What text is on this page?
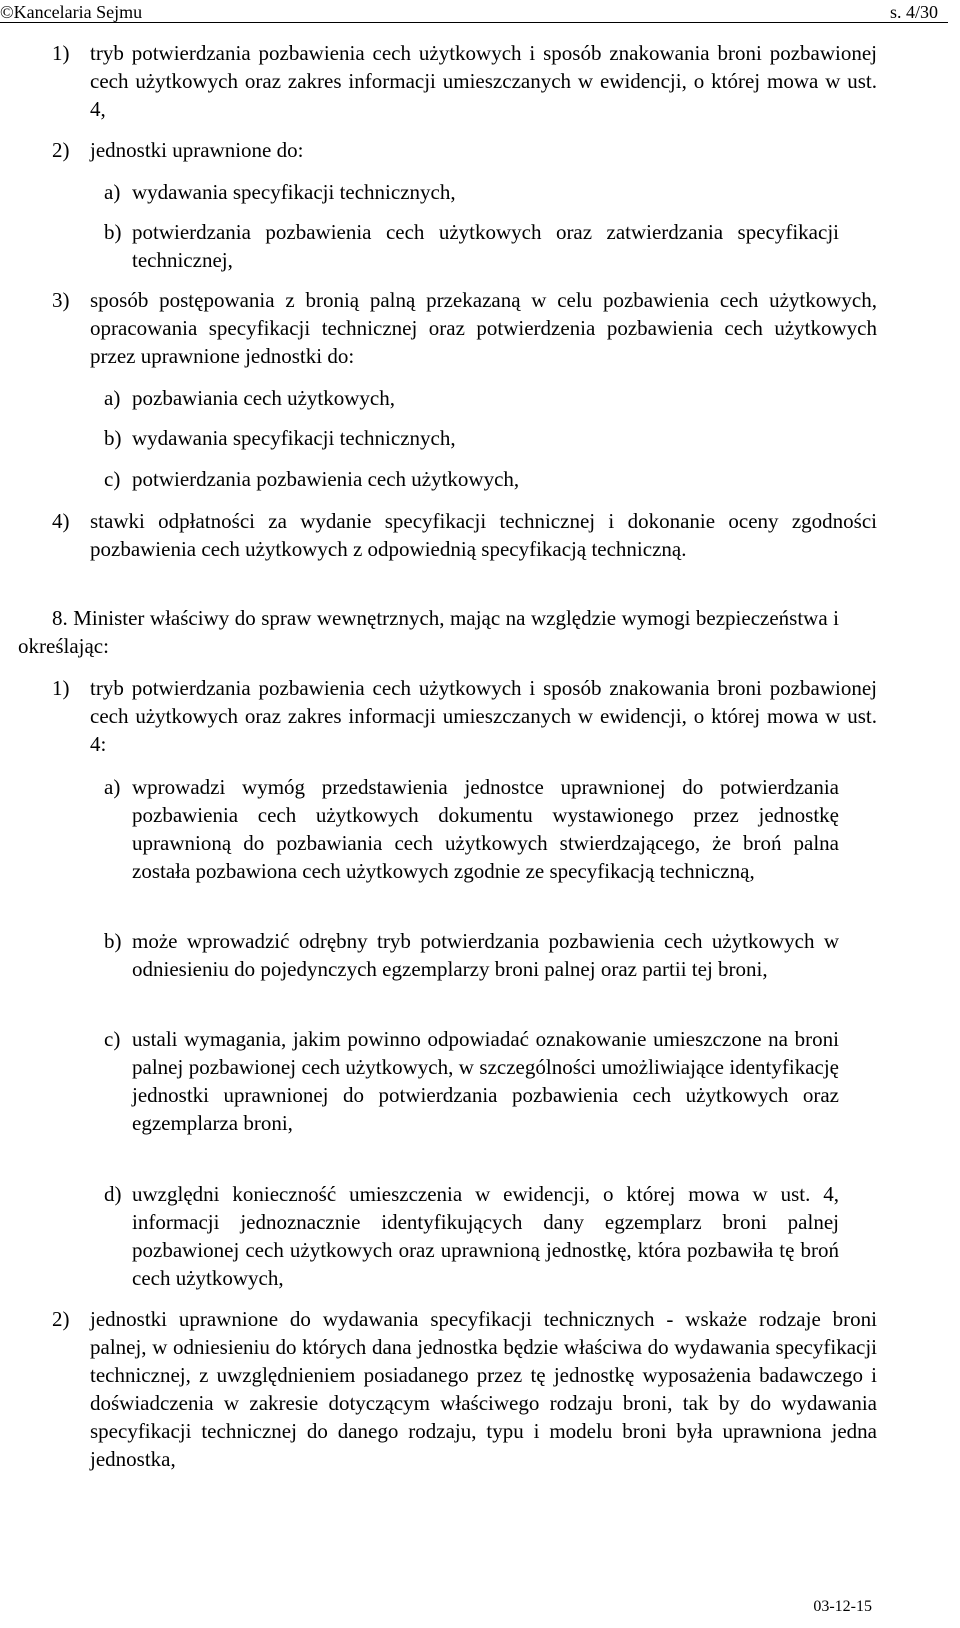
©Kancelaria Sejmu	s. 4/30
1) tryb potwierdzania pozbawienia cech użytkowych i sposób znakowania broni pozbawionej cech użytkowych oraz zakres informacji umieszczanych w ewidencji, o której mowa w ust. 4,
2) jednostki uprawnione do:
a) wydawania specyfikacji technicznych,
b) potwierdzania pozbawienia cech użytkowych oraz zatwierdzania specyfikacji technicznej,
3) sposób postępowania z bronią palną przekazaną w celu pozbawienia cech użytkowych, opracowania specyfikacji technicznej oraz potwierdzenia pozbawienia cech użytkowych przez uprawnione jednostki do:
a) pozbawiania cech użytkowych,
b) wydawania specyfikacji technicznych,
c) potwierdzania pozbawienia cech użytkowych,
4) stawki odpłatności za wydanie specyfikacji technicznej i dokonanie oceny zgodności pozbawienia cech użytkowych z odpowiednią specyfikacją techniczną.
8. Minister właściwy do spraw wewnętrznych, mając na względzie wymogi bezpieczeństwa i określając:
1) tryb potwierdzania pozbawienia cech użytkowych i sposób znakowania broni pozbawionej cech użytkowych oraz zakres informacji umieszczanych w ewidencji, o której mowa w ust. 4:
a) wprowadzi wymóg przedstawienia jednostce uprawnionej do potwierdzania pozbawienia cech użytkowych dokumentu wystawionego przez jednostkę uprawnioną do pozbawiania cech użytkowych stwierdzającego, że broń palna została pozbawiona cech użytkowych zgodnie ze specyfikacją techniczną,
b) może wprowadzić odrębny tryb potwierdzania pozbawienia cech użytkowych w odniesieniu do pojedynczych egzemplarzy broni palnej oraz partii tej broni,
c) ustali wymagania, jakim powinno odpowiadać oznakowanie umieszczone na broni palnej pozbawionej cech użytkowych, w szczególności umożliwiające identyfikację jednostki uprawnionej do potwierdzania pozbawienia cech użytkowych oraz egzemplarza broni,
d) uwzględni konieczność umieszczenia w ewidencji, o której mowa w ust. 4, informacji jednoznacznie identyfikujących dany egzemplarz broni palnej pozbawionej cech użytkowych oraz uprawnioną jednostkę, która pozbawiła tę broń cech użytkowych,
2) jednostki uprawnione do wydawania specyfikacji technicznych - wskaże rodzaje broni palnej, w odniesieniu do których dana jednostka będzie właściwa do wydawania specyfikacji technicznej, z uwzględnieniem posiadanego przez tę jednostkę wyposażenia badawczego i doświadczenia w zakresie dotyczącym właściwego rodzaju broni, tak by do wydawania specyfikacji technicznej do danego rodzaju, typu i modelu broni była uprawniona jedna jednostka,
03-12-15
